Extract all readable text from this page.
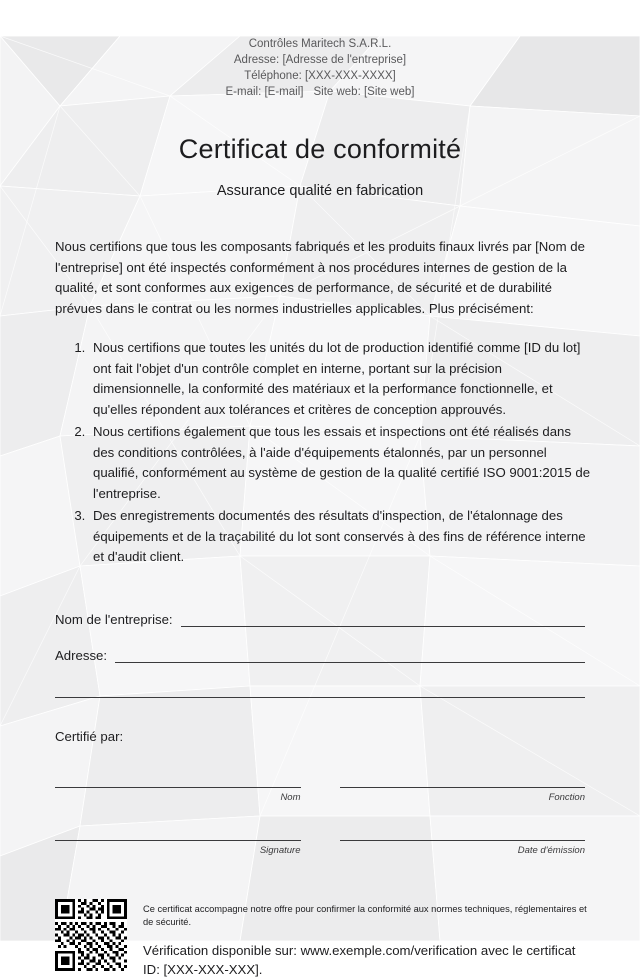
Contrôles Maritech S.A.R.L.
Adresse: [Adresse de l'entreprise]
Téléphone: [XXX-XXX-XXXX]
E-mail: [E-mail] Site web: [Site web]
Certificat de conformité
Assurance qualité en fabrication

Nous certifions que tous les composants fabriqués et les produits finaux livrés par [Nom de l'entreprise] ont été inspectés conformément à nos procédures internes de gestion de la qualité, et sont conformes aux exigences de performance, de sécurité et de durabilité prévues dans le contrat ou les normes industrielles applicables. Plus précisément:

1. Nous certifions que toutes les unités du lot de production identifié comme [ID du lot] ont fait l'objet d'un contrôle complet en interne, portant sur la précision dimensionnelle, la conformité des matériaux et la performance fonctionnelle, et qu'elles répondent aux tolérances et critères de conception approuvés.
2. Nous certifions également que tous les essais et inspections ont été réalisés dans des conditions contrôlées, à l'aide d'équipements étalonnés, par un personnel qualifié, conformément au système de gestion de la qualité certifié ISO 9001:2015 de l'entreprise.
3. Des enregistrements documentés des résultats d'inspection, de l'étalonnage des équipements et de la traçabilité du lot sont conservés à des fins de référence interne et d'audit client.
Nom de l'entreprise:
Adresse:
Certifié par:
Nom	Fonction
Signature	Date d'émission
Ce certificat accompagne notre offre pour confirmer la conformité aux normes techniques, réglementaires et de sécurité.
Vérification disponible sur: www.exemple.com/verification avec le certificat ID: [XXX-XXX-XXX].
